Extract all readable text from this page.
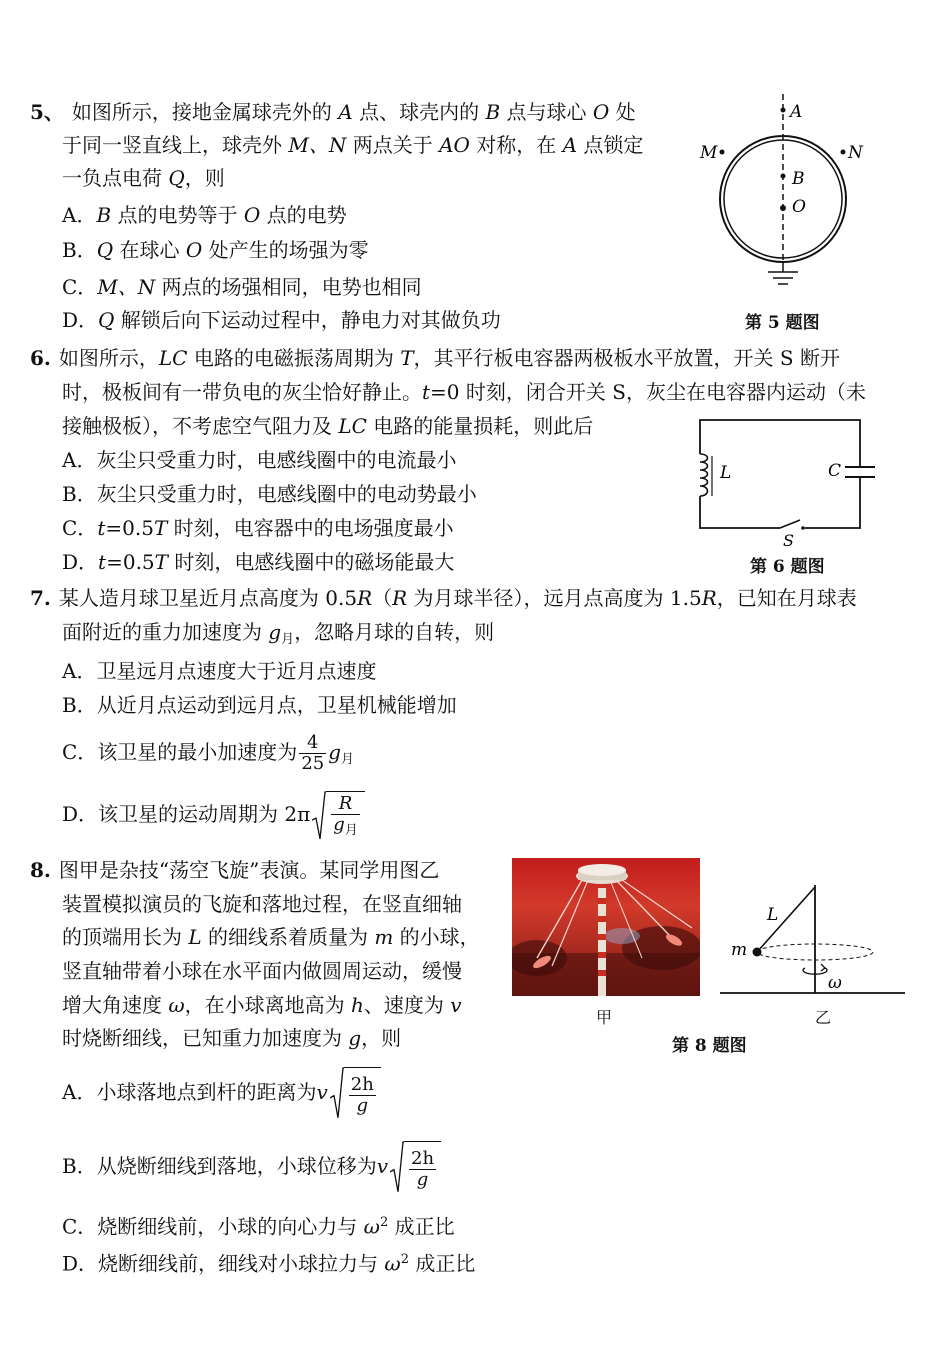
5、 如图所示，接地金属球壳外的 A 点、球壳内的 B 点与球心 O 处
于同一竖直线上，球壳外 M、N 两点关于 AO 对称，在 A 点锁定
一负点电荷 Q，则
A．B 点的电势等于 O 点的电势
B．Q 在球心 O 处产生的场强为零
C．M、N 两点的场强相同，电势也相同
D．Q 解锁后向下运动过程中，静电力对其做负功
A
M	N
B
O
第 5 题图
6. 如图所示，LC 电路的电磁振荡周期为 T，其平行板电容器两极板水平放置，开关 S 断开
时，极板间有一带负电的灰尘恰好静止。t=0 时刻，闭合开关 S，灰尘在电容器内运动（未
接触极板），不考虑空气阻力及 LC 电路的能量损耗，则此后
A．灰尘只受重力时，电感线圈中的电流最小
B．灰尘只受重力时，电感线圈中的电动势最小
C．t=0.5T 时刻，电容器中的电场强度最小
D．t=0.5T 时刻，电感线圈中的磁场能最大
L	C
S
第 6 题图
7. 某人造月球卫星近月点高度为 0.5R（R 为月球半径），远月点高度为 1.5R，已知在月球表
面附近的重力加速度为 $g_月$，忽略月球的自转，则
A．卫星远月点速度大于近月点速度
B．从近月点运动到远月点，卫星机械能增加
C．该卫星的最小加速度为 $\frac{4}{25} g_月$
D．该卫星的运动周期为 $2\pi \frac{R}{g_月}$
8. 图甲是杂技“荡空飞旋”表演。某同学用图乙
装置模拟演员的飞旋和落地过程，在竖直细轴
的顶端用长为 L 的细线系着质量为 m 的小球，
竖直轴带着小球在水平面内做圆周运动，缓慢
增大角速度 ω，在小球离地高为 h、速度为 v
时烧断细线，已知重力加速度为 g，则
A．小球落地点到杆的距离为v $\frac{2h}{g}$
B．从烧断细线到落地，小球位移为v $\frac{2h}{g}$
C．烧断细线前，小球的向心力与 $\omega^2$ 成正比
D．烧断细线前，细线对小球拉力与 $\omega^2$ 成正比
L
m
ω
甲	乙
第 8 题图
